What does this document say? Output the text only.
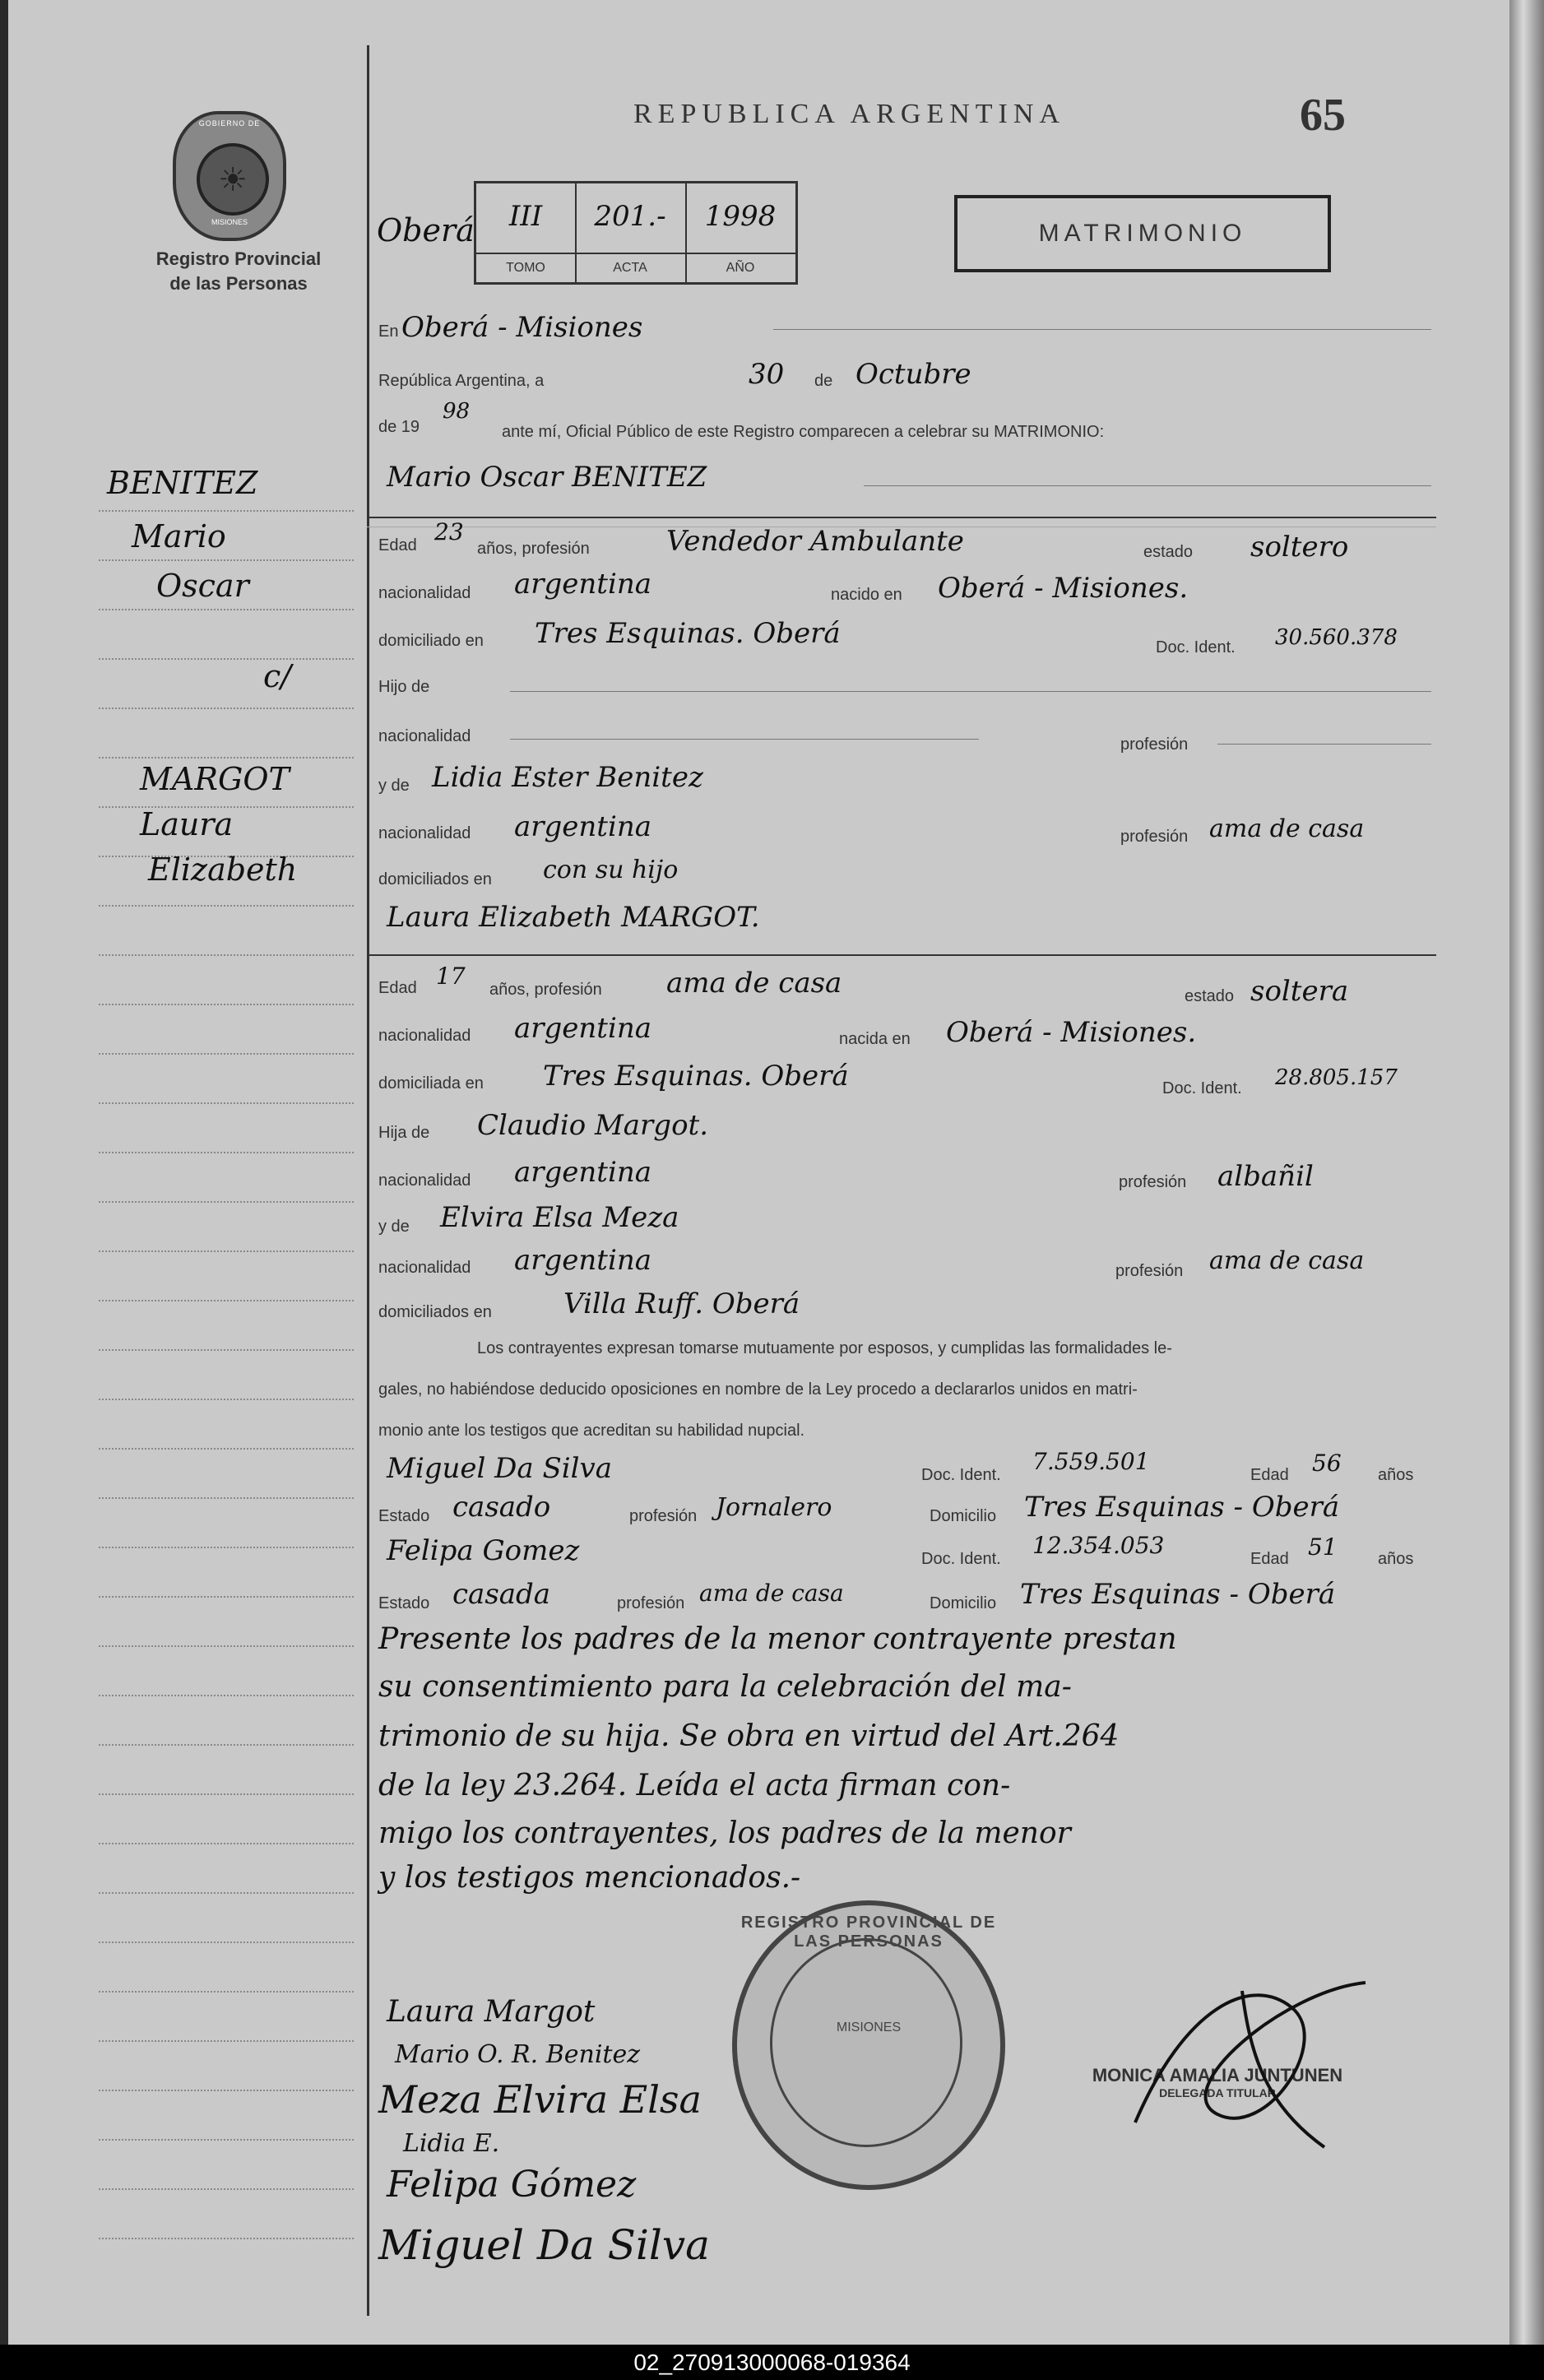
GOBIERNO DE
☀
MISIONES
Registro Provincial
de las Personas
REPUBLICA ARGENTINA	65
Oberá	III
TOMO
201.-
ACTA
1998
AÑO
MATRIMONIO
BENITEZ
Mario
Oscar
c/
MARGOT
Laura
Elizabeth
En Oberá - Misiones
República Argentina, a	30 de Octubre
de 19
98
ante mí, Oficial Público de este Registro comparecen a celebrar su MATRIMONIO:
Mario Oscar BENITEZ
Edad 23
años, profesión	Vendedor Ambulante	estado soltero
nacionalidad argentina	nacido en Oberá - Misiones.
domiciliado en Tres Esquinas. Oberá	Doc. Ident. 30.560.378
Hijo de
nacionalidad	profesión
y de Lidia Ester Benitez
nacionalidad argentina	profesión ama de casa
domiciliados en con su hijo
Laura Elizabeth MARGOT.
Edad 17 años, profesión ama de casa	estado soltera
nacionalidad argentina	nacida en Oberá - Misiones.
domiciliada en Tres Esquinas. Oberá	Doc. Ident. 28.805.157
Hija de Claudio Margot.
nacionalidad argentina	profesión albañil
y de Elvira Elsa Meza
nacionalidad argentina	profesión ama de casa
domiciliados en	Villa Ruff. Oberá
Los contrayentes expresan tomarse mutuamente por esposos, y cumplidas las formalidades le-
gales, no habiéndose deducido oposiciones en nombre de la Ley procedo a declararlos unidos en matri-
monio ante los testigos que acreditan su habilidad nupcial.
Miguel Da Silva	Doc. Ident. 7.559.501	Edad 56 años
Estado casado	profesión Jornalero	Domicilio Tres Esquinas - Oberá
Felipa Gomez	Doc. Ident. 12.354.053	Edad 51 años
Estado casada	profesión ama de casa	Domicilio Tres Esquinas - Oberá
Presente los padres de la menor contrayente prestan
su consentimiento para la celebración del ma-
trimonio de su hija. Se obra en virtud del Art.264
de la ley 23.264. Leída el acta firman con-
migo los contrayentes, los padres de la menor
y los testigos mencionados.-
REGISTRO PROVINCIAL DE LAS PERSONAS
MISIONES
MONICA AMALIA JUNTUNEN
DELEGADA TITULAR
Laura Margot
Mario O. R. Benitez
Meza Elvira Elsa
Lidia E.
Felipa Gómez
Miguel Da Silva
02_270913000068-019364
